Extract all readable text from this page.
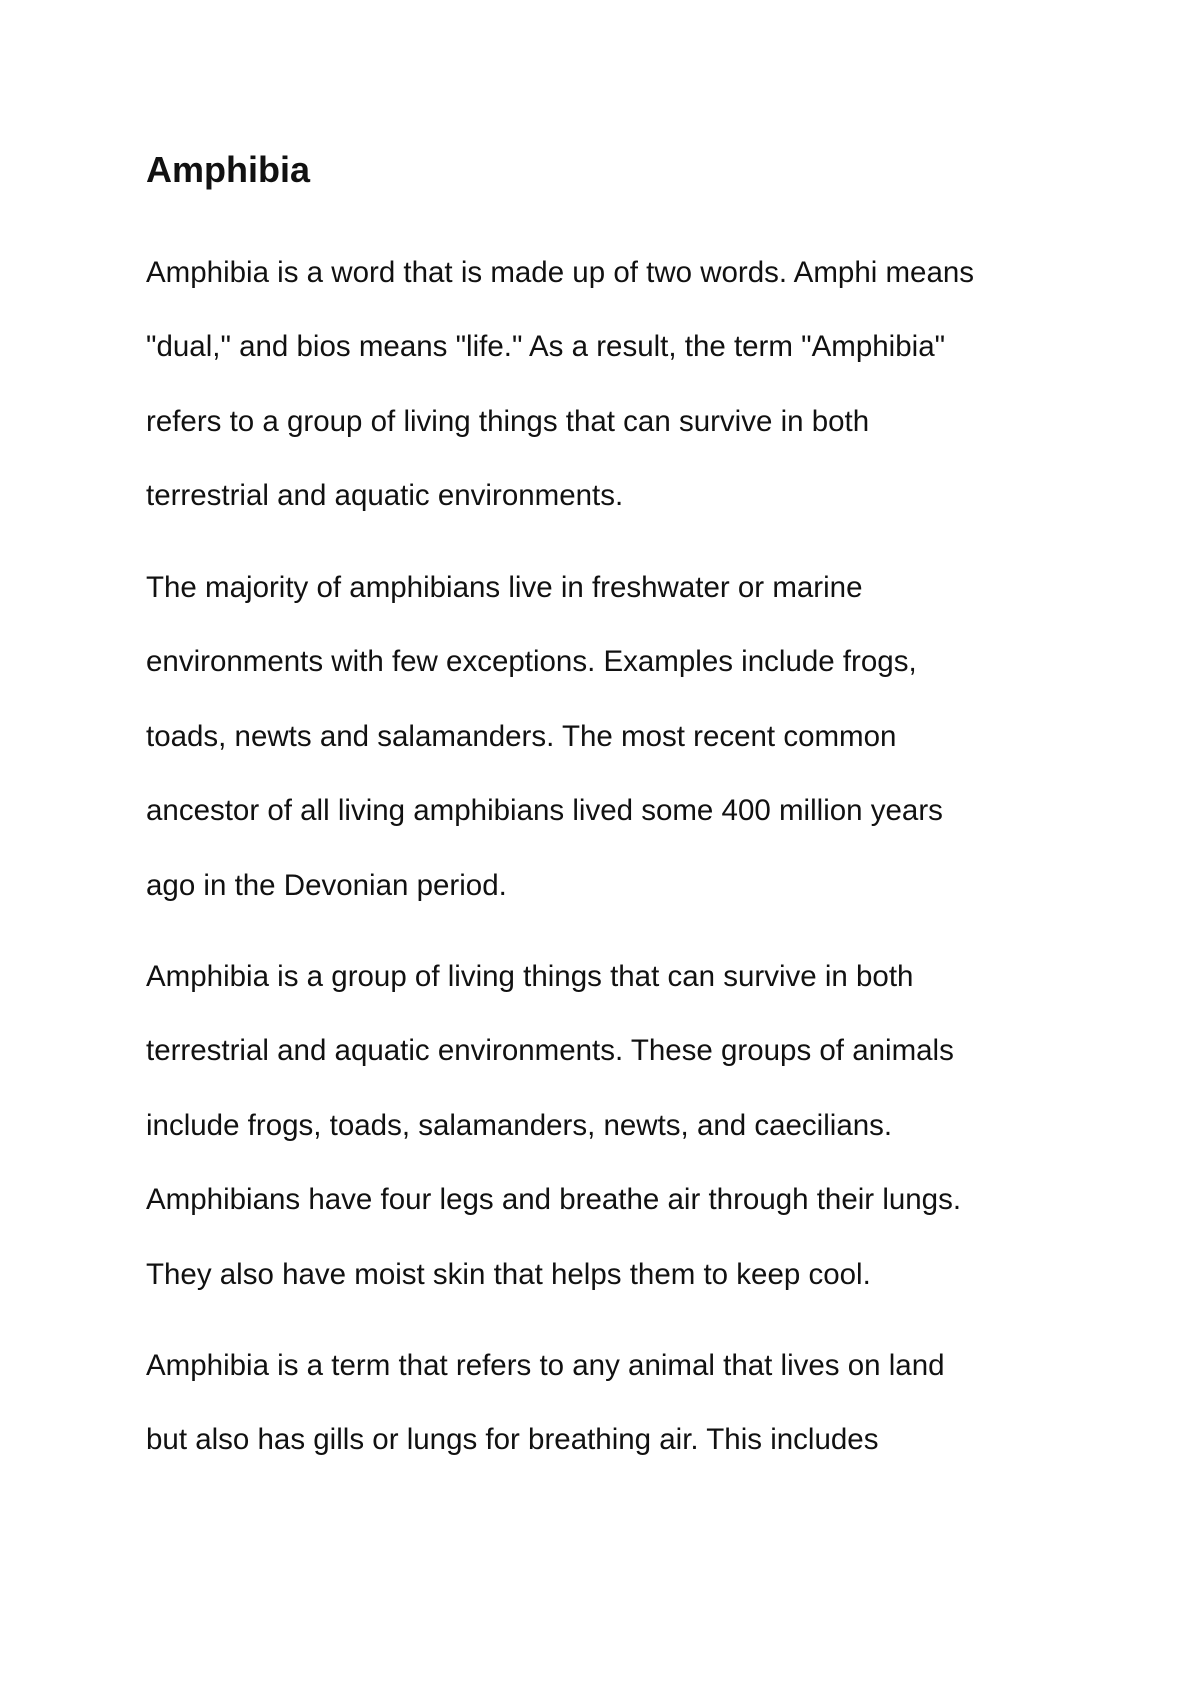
Amphibia
Amphibia is a word that is made up of two words. Amphi means
"dual," and bios means "life." As a result, the term "Amphibia"
refers to a group of living things that can survive in both
terrestrial and aquatic environments.
The majority of amphibians live in freshwater or marine
environments with few exceptions. Examples include frogs,
toads, newts and salamanders. The most recent common
ancestor of all living amphibians lived some 400 million years
ago in the Devonian period.
Amphibia is a group of living things that can survive in both
terrestrial and aquatic environments. These groups of animals
include frogs, toads, salamanders, newts, and caecilians.
Amphibians have four legs and breathe air through their lungs.
They also have moist skin that helps them to keep cool.
Amphibia is a term that refers to any animal that lives on land
but also has gills or lungs for breathing air. This includes
